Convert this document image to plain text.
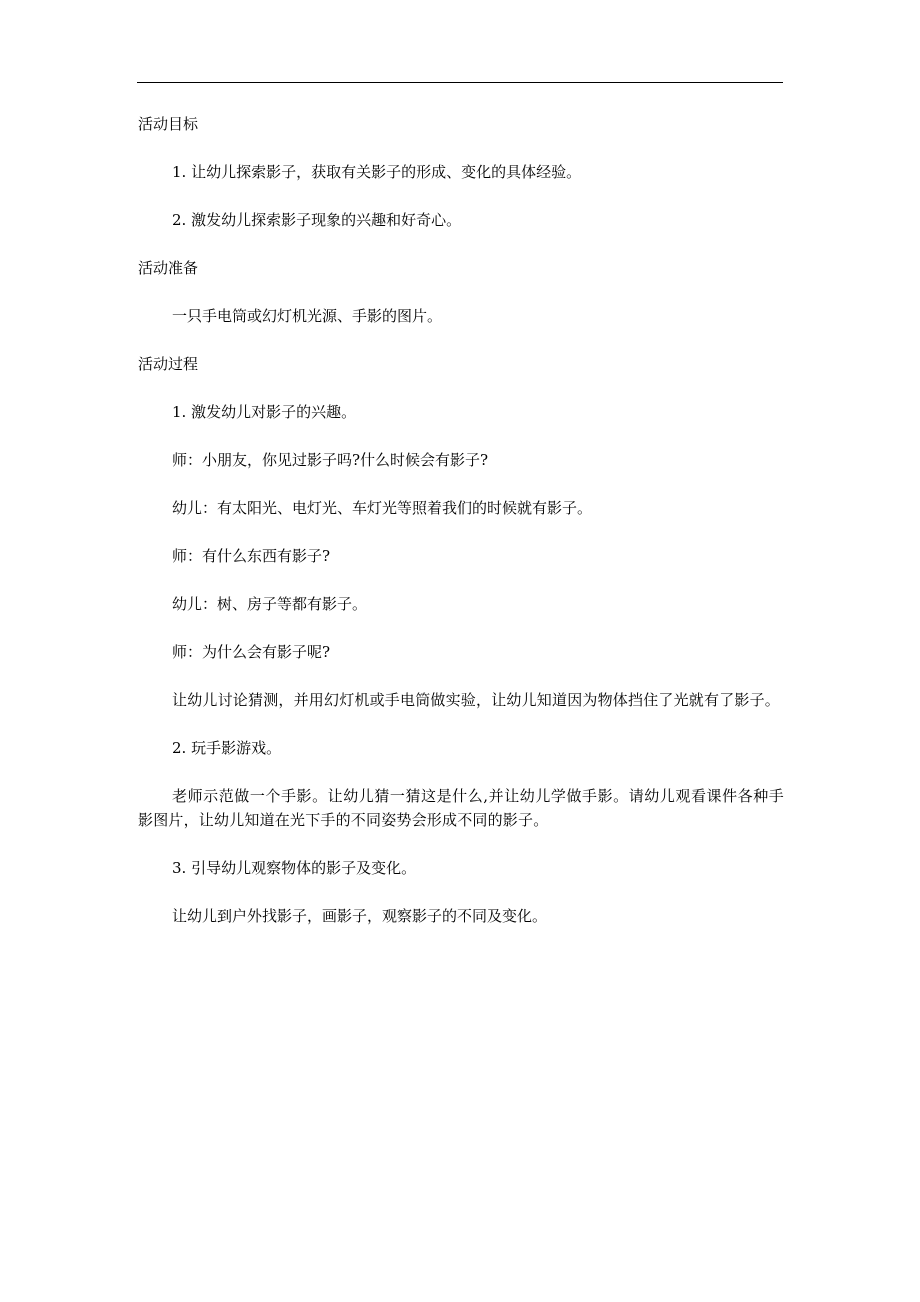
活动目标

1. 让幼儿探索影子，获取有关影子的形成、变化的具体经验。

2. 激发幼儿探索影子现象的兴趣和好奇心。

活动准备

一只手电筒或幻灯机光源、手影的图片。

活动过程

1. 激发幼儿对影子的兴趣。

师：小朋友，你见过影子吗?什么时候会有影子?

幼儿：有太阳光、电灯光、车灯光等照着我们的时候就有影子。

师：有什么东西有影子?

幼儿：树、房子等都有影子。

师：为什么会有影子呢?

让幼儿讨论猜测，并用幻灯机或手电筒做实验，让幼儿知道因为物体挡住了光就有了影子。

2. 玩手影游戏。

老师示范做一个手影。让幼儿猜一猜这是什么,并让幼儿学做手影。请幼儿观看课件各种手影图片，让幼儿知道在光下手的不同姿势会形成不同的影子。

3. 引导幼儿观察物体的影子及变化。

让幼儿到户外找影子，画影子，观察影子的不同及变化。
